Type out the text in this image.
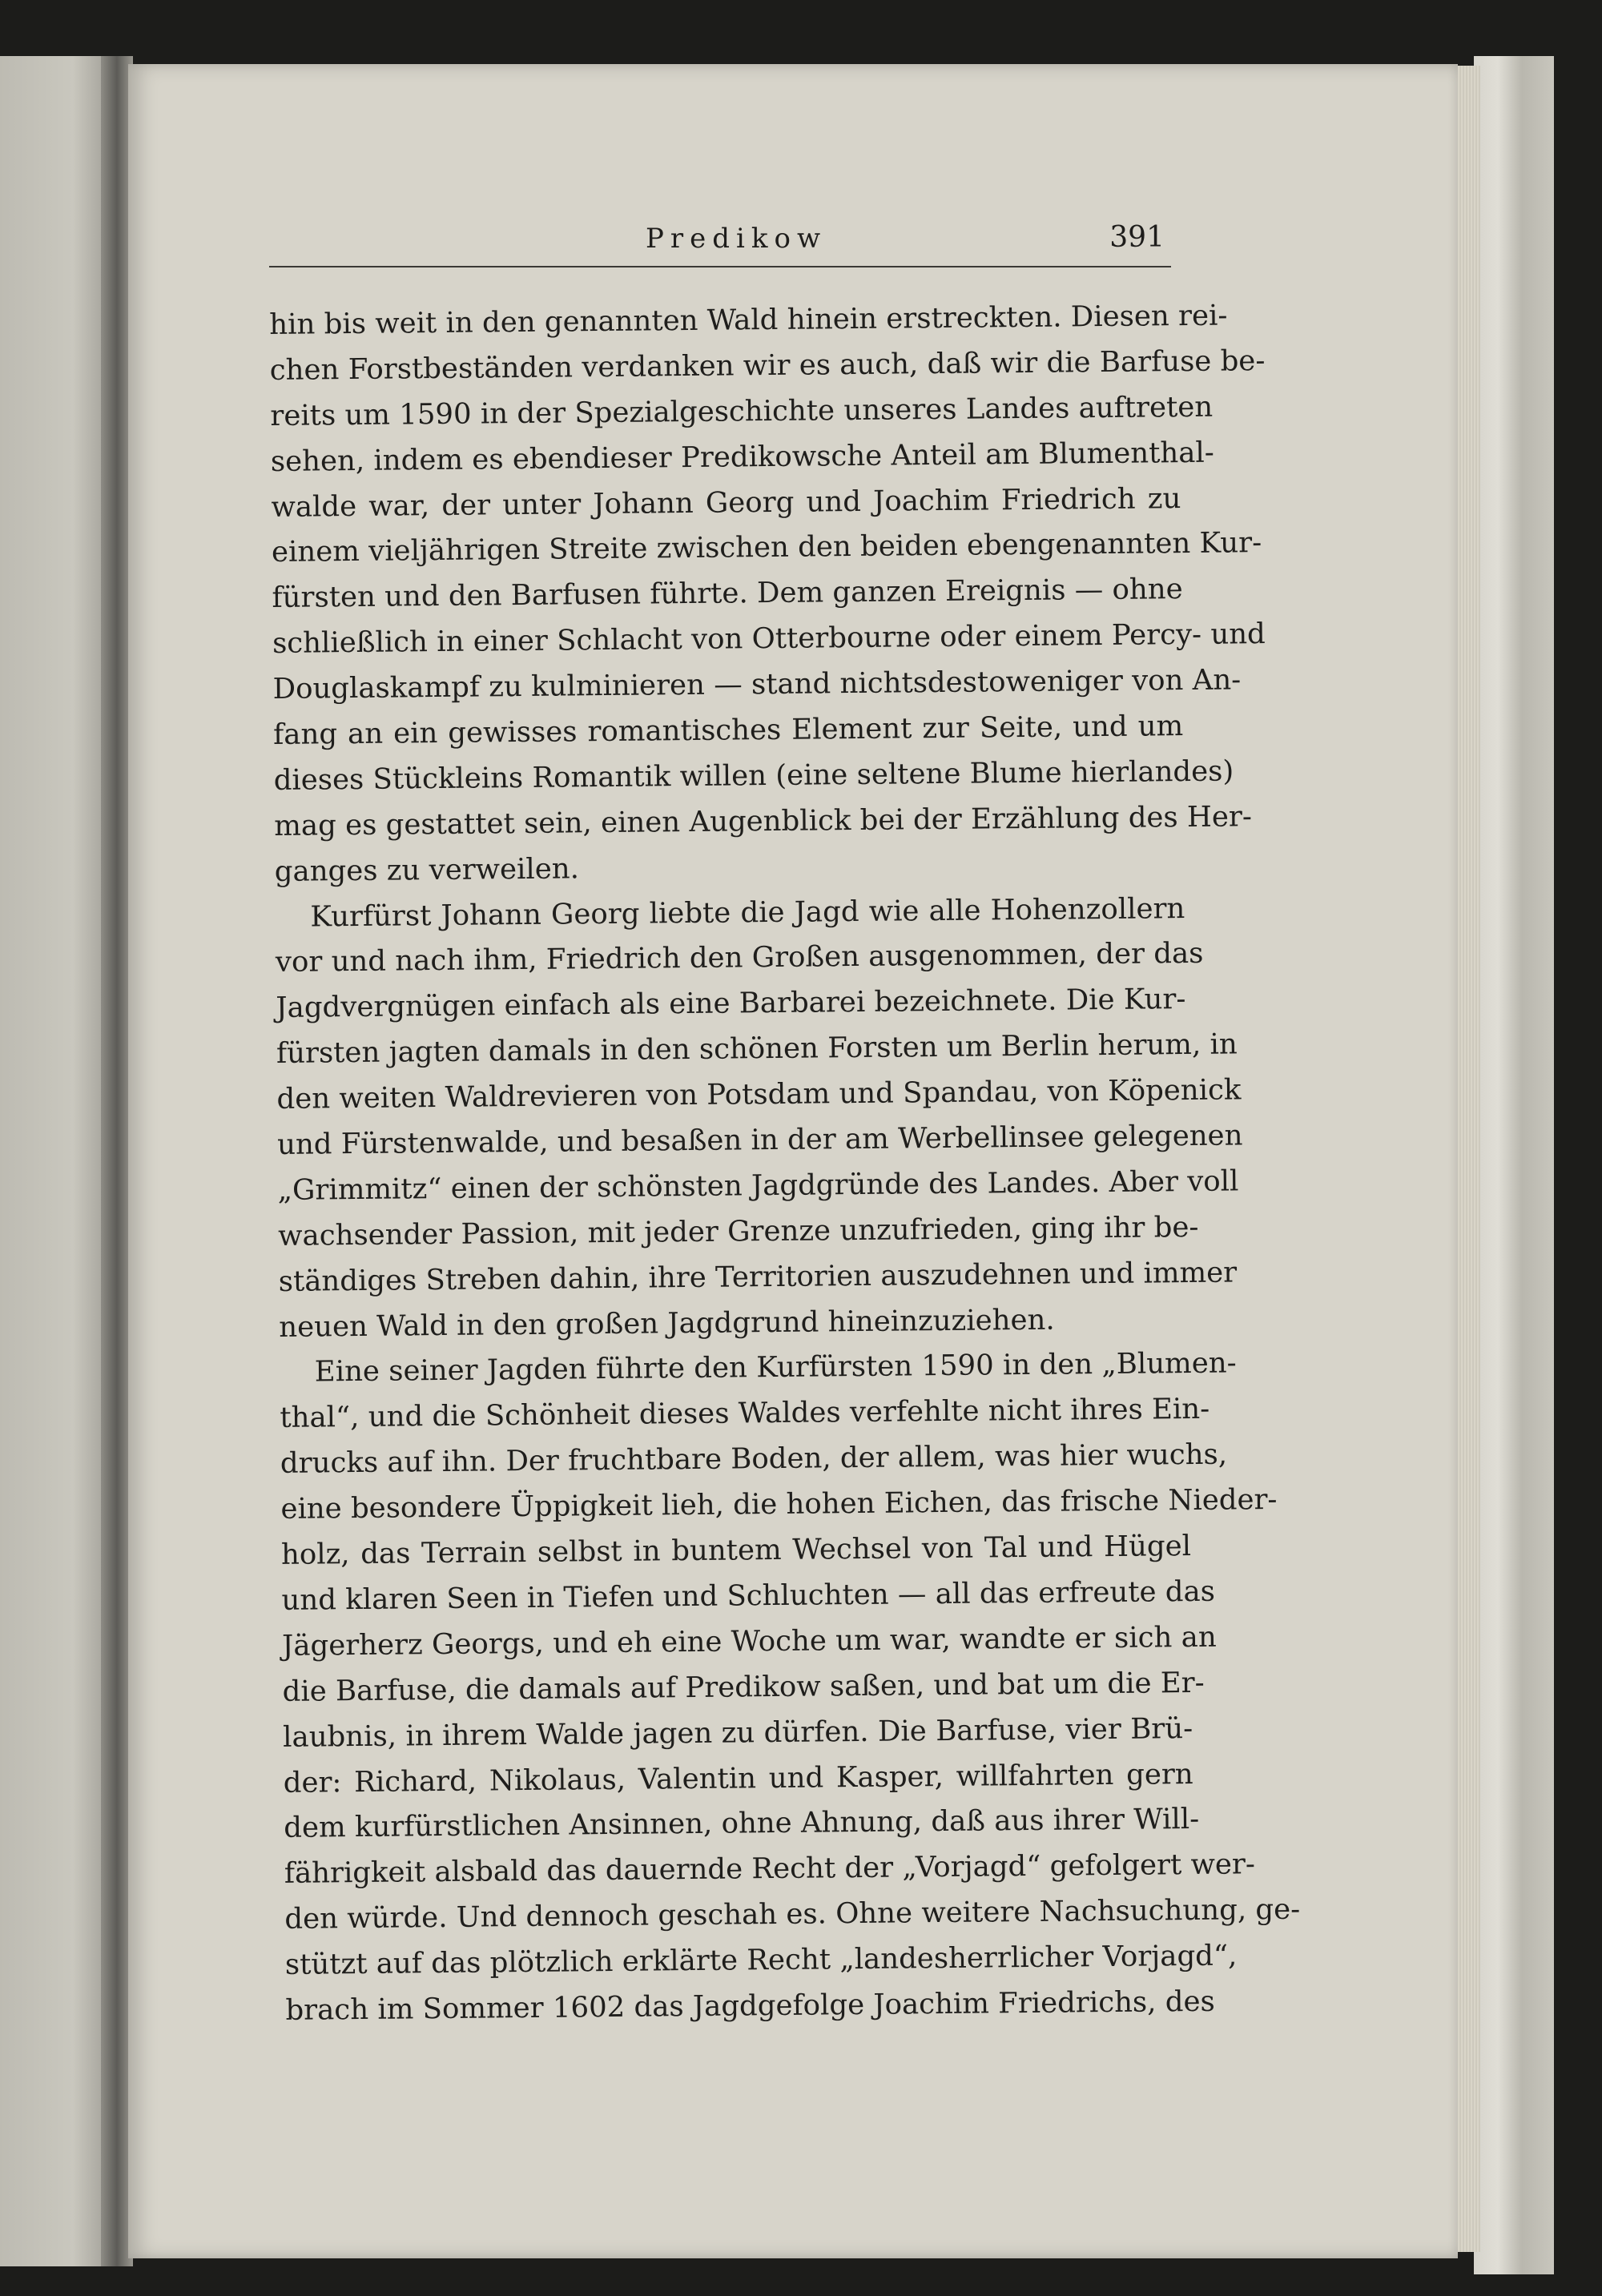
Predikow	391
hin bis weit in den genannten Wald hinein erstreckten. Diesen rei-
chen Forstbeständen verdanken wir es auch, daß wir die Barfuse be-
reits um 1590 in der Spezialgeschichte unseres Landes auftreten
sehen, indem es ebendieser Predikowsche Anteil am Blumenthal-
walde war, der unter Johann Georg und Joachim Friedrich zu
einem vieljährigen Streite zwischen den beiden ebengenannten Kur-
fürsten und den Barfusen führte. Dem ganzen Ereignis — ohne
schließlich in einer Schlacht von Otterbourne oder einem Percy- und
Douglaskampf zu kulminieren — stand nichtsdestoweniger von An-
fang an ein gewisses romantisches Element zur Seite, und um
dieses Stückleins Romantik willen (eine seltene Blume hierlandes)
mag es gestattet sein, einen Augenblick bei der Erzählung des Her-
ganges zu verweilen.
Kurfürst Johann Georg liebte die Jagd wie alle Hohenzollern
vor und nach ihm, Friedrich den Großen ausgenommen, der das
Jagdvergnügen einfach als eine Barbarei bezeichnete. Die Kur-
fürsten jagten damals in den schönen Forsten um Berlin herum, in
den weiten Waldrevieren von Potsdam und Spandau, von Köpenick
und Fürstenwalde, und besaßen in der am Werbellinsee gelegenen
„Grimmitz“ einen der schönsten Jagdgründe des Landes. Aber voll
wachsender Passion, mit jeder Grenze unzufrieden, ging ihr be-
ständiges Streben dahin, ihre Territorien auszudehnen und immer
neuen Wald in den großen Jagdgrund hineinzuziehen.
Eine seiner Jagden führte den Kurfürsten 1590 in den „Blumen-
thal“, und die Schönheit dieses Waldes verfehlte nicht ihres Ein-
drucks auf ihn. Der fruchtbare Boden, der allem, was hier wuchs,
eine besondere Üppigkeit lieh, die hohen Eichen, das frische Nieder-
holz, das Terrain selbst in buntem Wechsel von Tal und Hügel
und klaren Seen in Tiefen und Schluchten — all das erfreute das
Jägerherz Georgs, und eh eine Woche um war, wandte er sich an
die Barfuse, die damals auf Predikow saßen, und bat um die Er-
laubnis, in ihrem Walde jagen zu dürfen. Die Barfuse, vier Brü-
der: Richard, Nikolaus, Valentin und Kasper, willfahrten gern
dem kurfürstlichen Ansinnen, ohne Ahnung, daß aus ihrer Will-
fährigkeit alsbald das dauernde Recht der „Vorjagd“ gefolgert wer-
den würde. Und dennoch geschah es. Ohne weitere Nachsuchung, ge-
stützt auf das plötzlich erklärte Recht „landesherrlicher Vorjagd“,
brach im Sommer 1602 das Jagdgefolge Joachim Friedrichs, des
